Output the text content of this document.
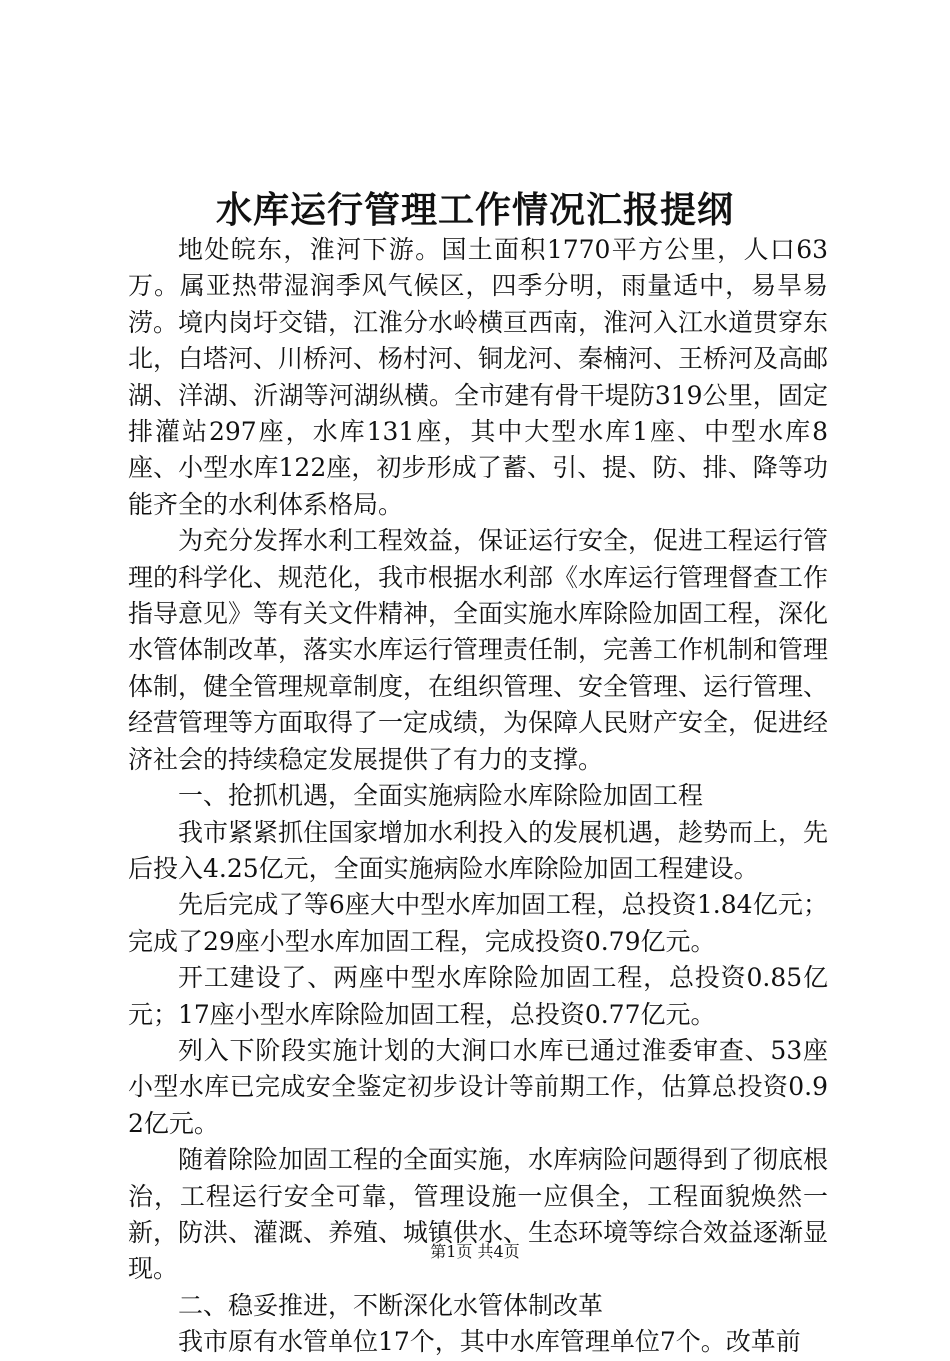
水库运行管理工作情况汇报提纲

地处皖东，淮河下游。国土面积1770平方公里，人口63万。属亚热带湿润季风气候区，四季分明，雨量适中，易旱易涝。境内岗圩交错，江淮分水岭横亘西南，淮河入江水道贯穿东北，白塔河、川桥河、杨村河、铜龙河、秦楠河、王桥河及高邮湖、洋湖、沂湖等河湖纵横。全市建有骨干堤防319公里，固定排灌站297座，水库131座，其中大型水库1座、中型水库8座、小型水库122座，初步形成了蓄、引、提、防、排、降等功能齐全的水利体系格局。

为充分发挥水利工程效益，保证运行安全，促进工程运行管理的科学化、规范化，我市根据水利部《水库运行管理督查工作指导意见》等有关文件精神，全面实施水库除险加固工程，深化水管体制改革，落实水库运行管理责任制，完善工作机制和管理体制，健全管理规章制度，在组织管理、安全管理、运行管理、经营管理等方面取得了一定成绩，为保障人民财产安全，促进经济社会的持续稳定发展提供了有力的支撑。

一、抢抓机遇，全面实施病险水库除险加固工程

我市紧紧抓住国家增加水利投入的发展机遇，趁势而上，先后投入4.25亿元，全面实施病险水库除险加固工程建设。

先后完成了等6座大中型水库加固工程，总投资1.84亿元；完成了29座小型水库加固工程，完成投资0.79亿元。

开工建设了、两座中型水库除险加固工程，总投资0.85亿元；17座小型水库除险加固工程，总投资0.77亿元。

列入下阶段实施计划的大涧口水库已通过淮委审查、53座小型水库已完成安全鉴定初步设计等前期工作，估算总投资0.92亿元。

随着除险加固工程的全面实施，水库病险问题得到了彻底根治，工程运行安全可靠，管理设施一应俱全，工程面貌焕然一新，防洪、灌溉、养殖、城镇供水、生态环境等综合效益逐渐显现。

二、稳妥推进，不断深化水管体制改革

我市原有水管单位17个，其中水库管理单位7个。改革前

第1页 共4页
